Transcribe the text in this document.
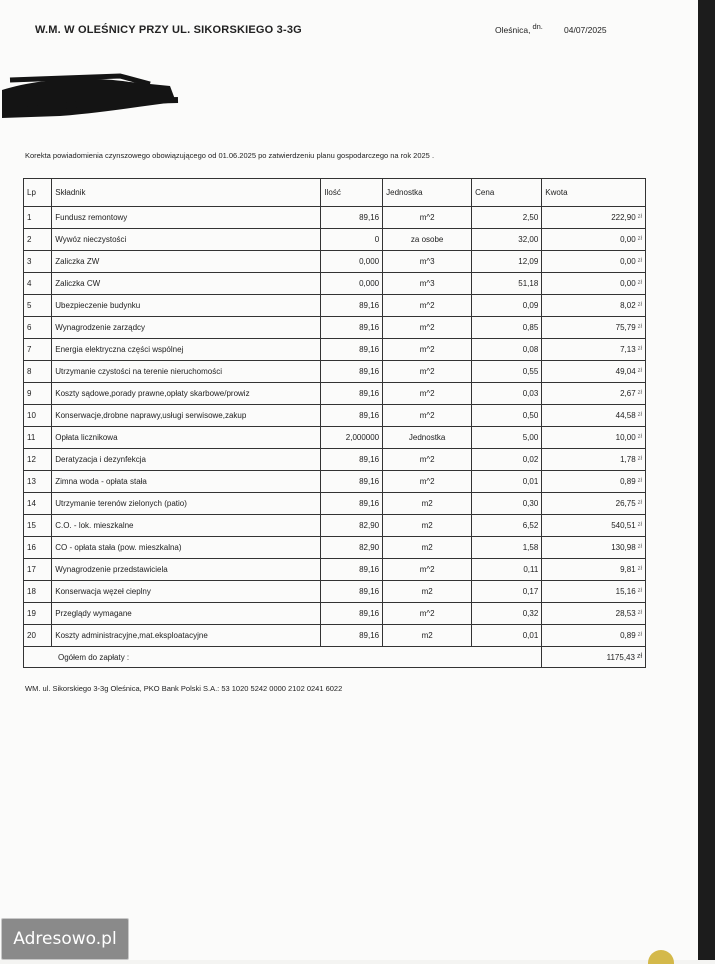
W.M. W OLEŚNICY PRZY UL. SIKORSKIEGO 3-3G	Oleśnica, dn. 04/07/2025
Korekta powiadomienia czynszowego obowiązującego od 01.06.2025 po zatwierdzeniu planu gospodarczego na rok 2025 .
Lp	Składnik	Ilość	Jednostka	Cena	Kwota
1	Fundusz remontowy	89,16	m^2	2,50	222,90 $^{zł}$
2	Wywóz nieczystości	0	za osobe	32,00	0,00 $^{zł}$
3	Zaliczka ZW	0,000	m^3	12,09	0,00 $^{zł}$
4	Zaliczka CW	0,000	m^3	51,18	0,00 $^{zł}$
5	Ubezpieczenie budynku	89,16	m^2	0,09	8,02 $^{zł}$
6	Wynagrodzenie zarządcy	89,16	m^2	0,85	75,79 $^{zł}$
7	Energia elektryczna części wspólnej	89,16	m^2	0,08	7,13 $^{zł}$
8	Utrzymanie czystości na terenie nieruchomości	89,16	m^2	0,55	49,04 $^{zł}$
9	Koszty sądowe,porady prawne,opłaty skarbowe/prowiz	89,16	m^2	0,03	2,67 $^{zł}$
10	Konserwacje,drobne naprawy,usługi serwisowe,zakup	89,16	m^2	0,50	44,58 $^{zł}$
11	Opłata licznikowa	2,000000	Jednostka	5,00	10,00 $^{zł}$
12	Deratyzacja i dezynfekcja	89,16	m^2	0,02	1,78 $^{zł}$
13	Zimna woda - opłata stała	89,16	m^2	0,01	0,89 $^{zł}$
14	Utrzymanie terenów zielonych (patio)	89,16	m2	0,30	26,75 $^{zł}$
15	C.O. - lok. mieszkalne	82,90	m2	6,52	540,51 $^{zł}$
16	CO - opłata stała (pow. mieszkalna)	82,90	m2	1,58	130,98 $^{zł}$
17	Wynagrodzenie przedstawiciela	89,16	m^2	0,11	9,81 $^{zł}$
18	Konserwacja węzeł cieplny	89,16	m2	0,17	15,16 $^{zł}$
19	Przeglądy wymagane	89,16	m^2	0,32	28,53 $^{zł}$
20	Koszty administracyjne,mat.eksploatacyjne	89,16	m2	0,01	0,89 $^{zł}$
Ogółem do zapłaty :					1175,43 zł
WM. ul. Sikorskiego 3-3g Oleśnica, PKO Bank Polski S.A.: 53 1020 5242 0000 2102 0241 6022
Adresowo.pl
